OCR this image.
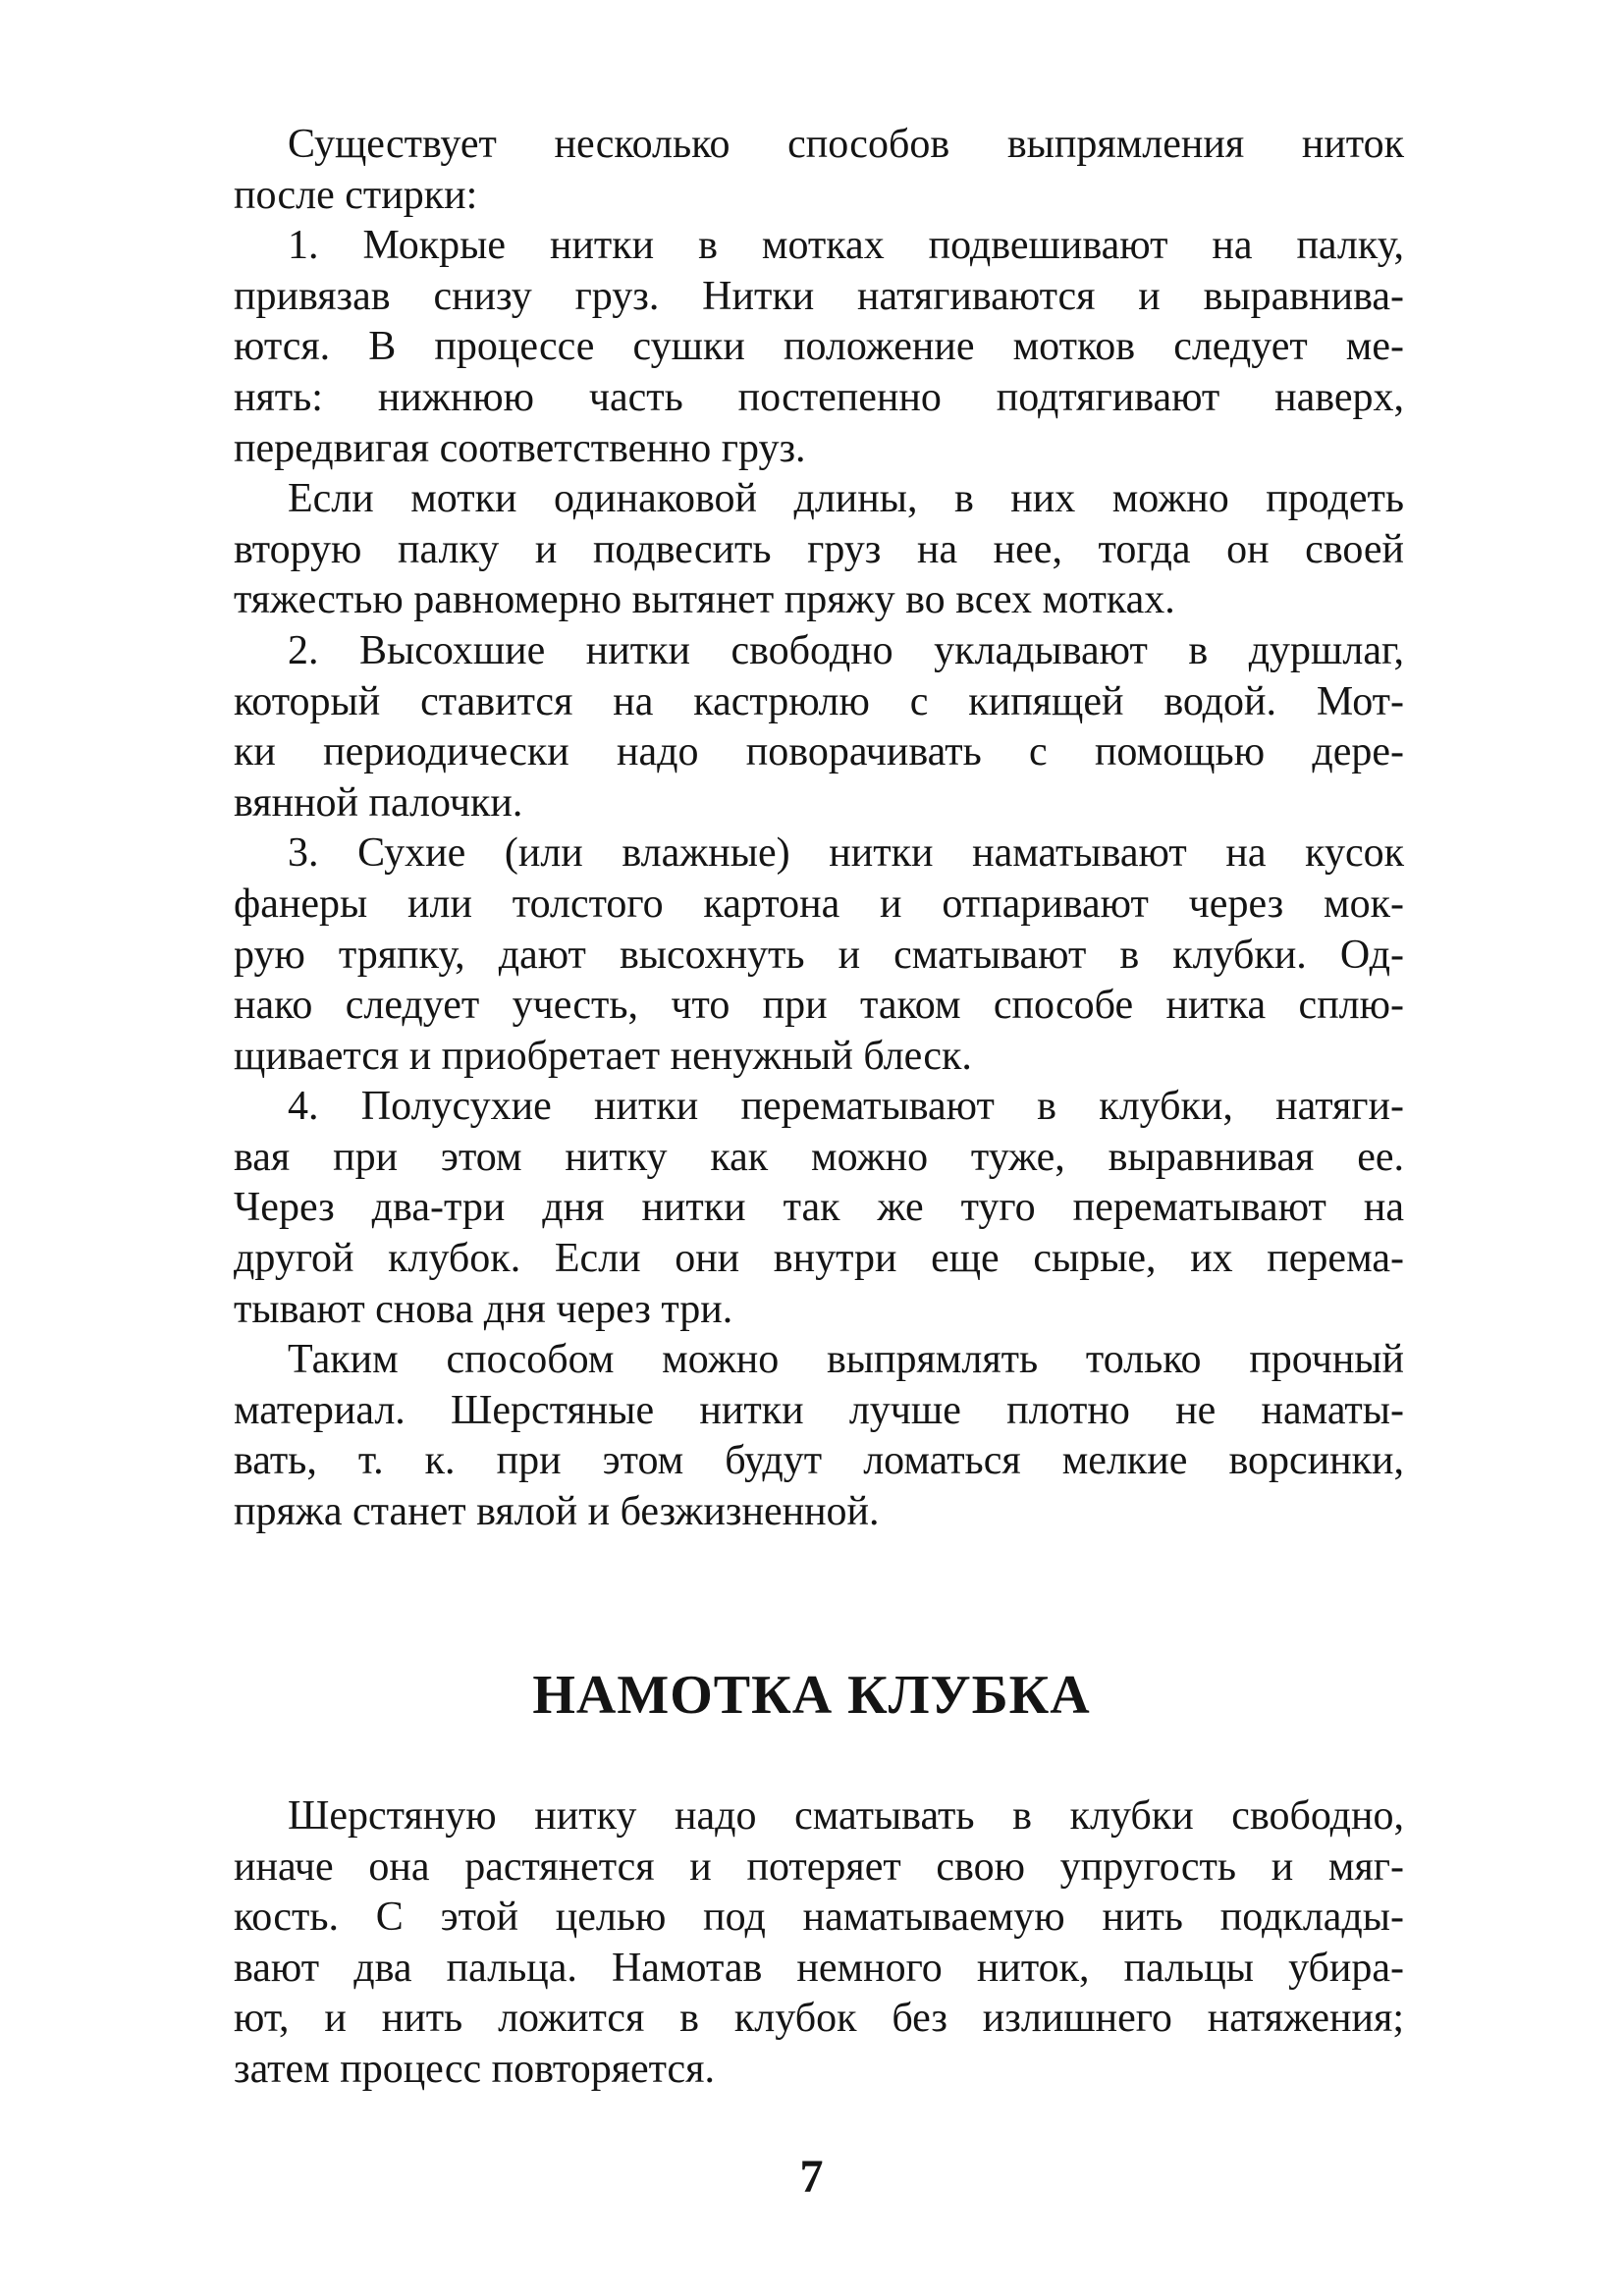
Существует несколько способов выпрямления ниток
после стирки:
1. Мокрые нитки в мотках подвешивают на палку,
привязав снизу груз. Нитки натягиваются и выравнива-
ются. В процессе сушки положение мотков следует ме-
нять: нижнюю часть постепенно подтягивают наверх,
передвигая соответственно груз.
Если мотки одинаковой длины, в них можно продеть
вторую палку и подвесить груз на нее, тогда он своей
тяжестью равномерно вытянет пряжу во всех мотках.
2. Высохшие нитки свободно укладывают в дуршлаг,
который ставится на кастрюлю с кипящей водой. Мот-
ки периодически надо поворачивать с помощью дере-
вянной палочки.
3. Сухие (или влажные) нитки наматывают на кусок
фанеры или толстого картона и отпаривают через мок-
рую тряпку, дают высохнуть и сматывают в клубки. Од-
нако следует учесть, что при таком способе нитка сплю-
щивается и приобретает ненужный блеск.
4. Полусухие нитки перематывают в клубки, натяги-
вая при этом нитку как можно туже, выравнивая ее.
Через два-три дня нитки так же туго перематывают на
другой клубок. Если они внутри еще сырые, их перема-
тывают снова дня через три.
Таким способом можно выпрямлять только прочный
материал. Шерстяные нитки лучше плотно не наматы-
вать, т. к. при этом будут ломаться мелкие ворсинки,
пряжа станет вялой и безжизненной.
НАМОТКА КЛУБКА
Шерстяную нитку надо сматывать в клубки свободно,
иначе она растянется и потеряет свою упругость и мяг-
кость. С этой целью под наматываемую нить подклады-
вают два пальца. Намотав немного ниток, пальцы убира-
ют, и нить ложится в клубок без излишнего натяжения;
затем процесс повторяется.
7
